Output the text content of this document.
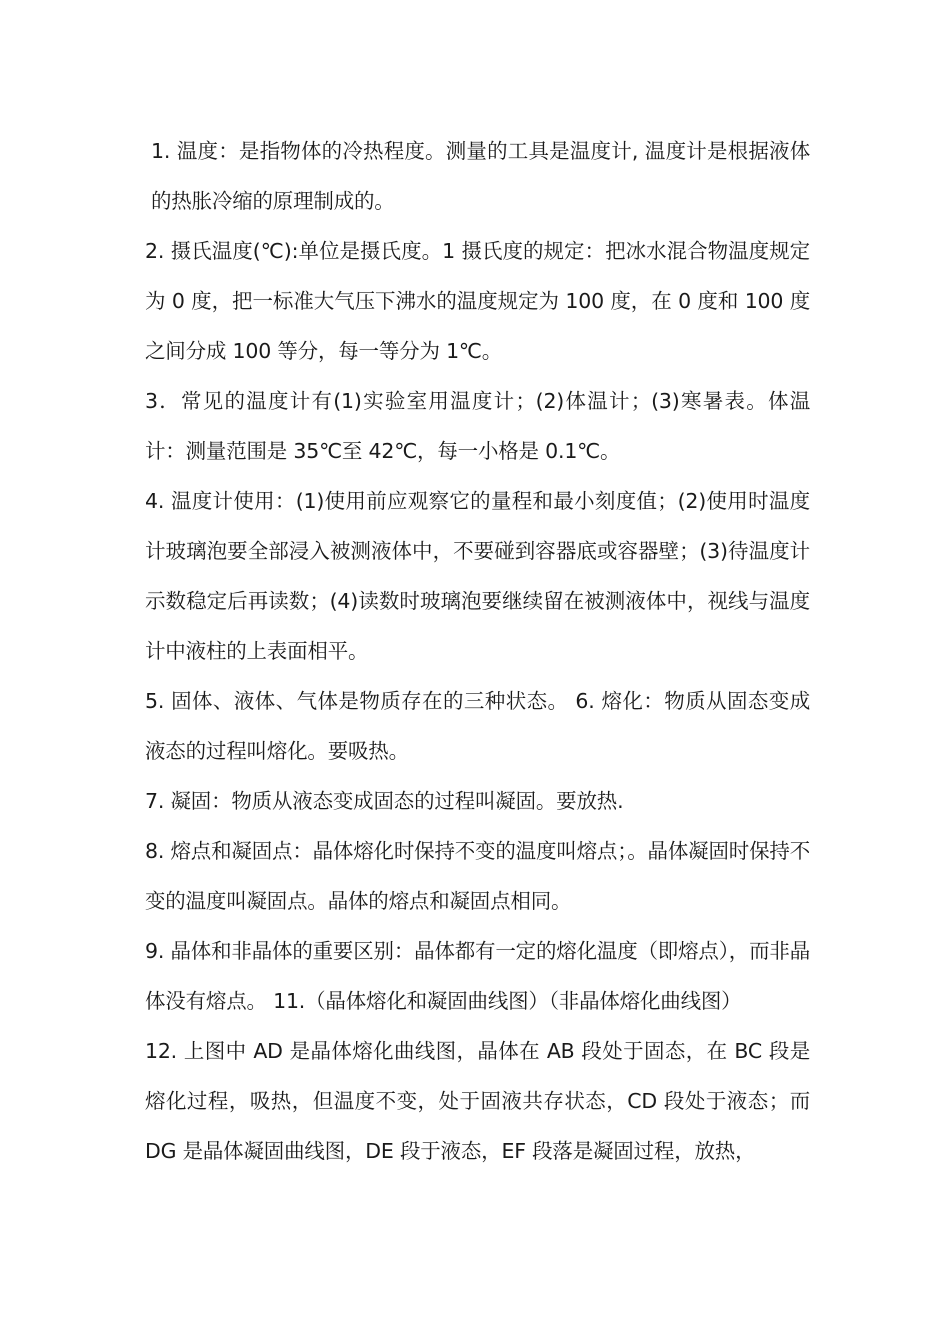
1. 温度：是指物体的冷热程度。测量的工具是温度计, 温度计是根据液体的热胀冷缩的原理制成的。

2. 摄氏温度(℃):单位是摄氏度。1 摄氏度的规定：把冰水混合物温度规定为 0 度，把一标准大气压下沸水的温度规定为 100 度，在 0 度和 100 度之间分成 100 等分，每一等分为 1℃。

3．常见的温度计有(1)实验室用温度计；(2)体温计；(3)寒暑表。体温计：测量范围是 35℃至 42℃，每一小格是 0.1℃。

4. 温度计使用：(1)使用前应观察它的量程和最小刻度值；(2)使用时温度计玻璃泡要全部浸入被测液体中，不要碰到容器底或容器壁；(3)待温度计示数稳定后再读数；(4)读数时玻璃泡要继续留在被测液体中，视线与温度计中液柱的上表面相平。

5. 固体、液体、气体是物质存在的三种状态。 6. 熔化：物质从固态变成液态的过程叫熔化。要吸热。

7. 凝固：物质从液态变成固态的过程叫凝固。要放热.

8. 熔点和凝固点：晶体熔化时保持不变的温度叫熔点；。晶体凝固时保持不变的温度叫凝固点。晶体的熔点和凝固点相同。

9. 晶体和非晶体的重要区别：晶体都有一定的熔化温度（即熔点），而非晶体没有熔点。 11.（晶体熔化和凝固曲线图）（非晶体熔化曲线图）

12. 上图中 AD 是晶体熔化曲线图，晶体在 AB 段处于固态，在 BC 段是熔化过程，吸热，但温度不变，处于固液共存状态，CD 段处于液态；而 DG 是晶体凝固曲线图，DE 段于液态，EF 段落是凝固过程，放热，
